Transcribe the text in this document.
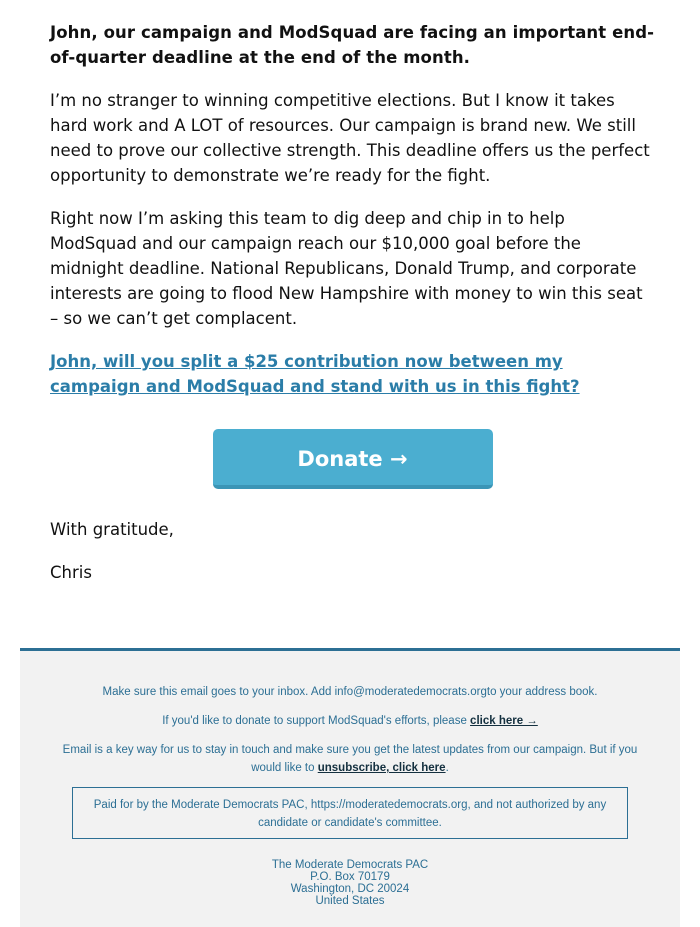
John, our campaign and ModSquad are facing an important end-of-quarter deadline at the end of the month.

I’m no stranger to winning competitive elections. But I know it takes hard work and A LOT of resources. Our campaign is brand new. We still need to prove our collective strength. This deadline offers us the perfect opportunity to demonstrate we’re ready for the fight.

Right now I’m asking this team to dig deep and chip in to help ModSquad and our campaign reach our $10,000 goal before the midnight deadline. National Republicans, Donald Trump, and corporate interests are going to flood New Hampshire with money to win this seat – so we can’t get complacent.

John, will you split a $25 contribution now between my campaign and ModSquad and stand with us in this fight?
Donate →

With gratitude,

Chris

Make sure this email goes to your inbox. Add info@moderatedemocrats.orgto your address book.
If you'd like to donate to support ModSquad's efforts, please click here →
Email is a key way for us to stay in touch and make sure you get the latest updates from our campaign. But if you would like to unsubscribe, click here.
Paid for by the Moderate Democrats PAC, https://moderatedemocrats.org, and not authorized by any candidate or candidate's committee.
The Moderate Democrats PAC
P.O. Box 70179
Washington, DC 20024
United States
